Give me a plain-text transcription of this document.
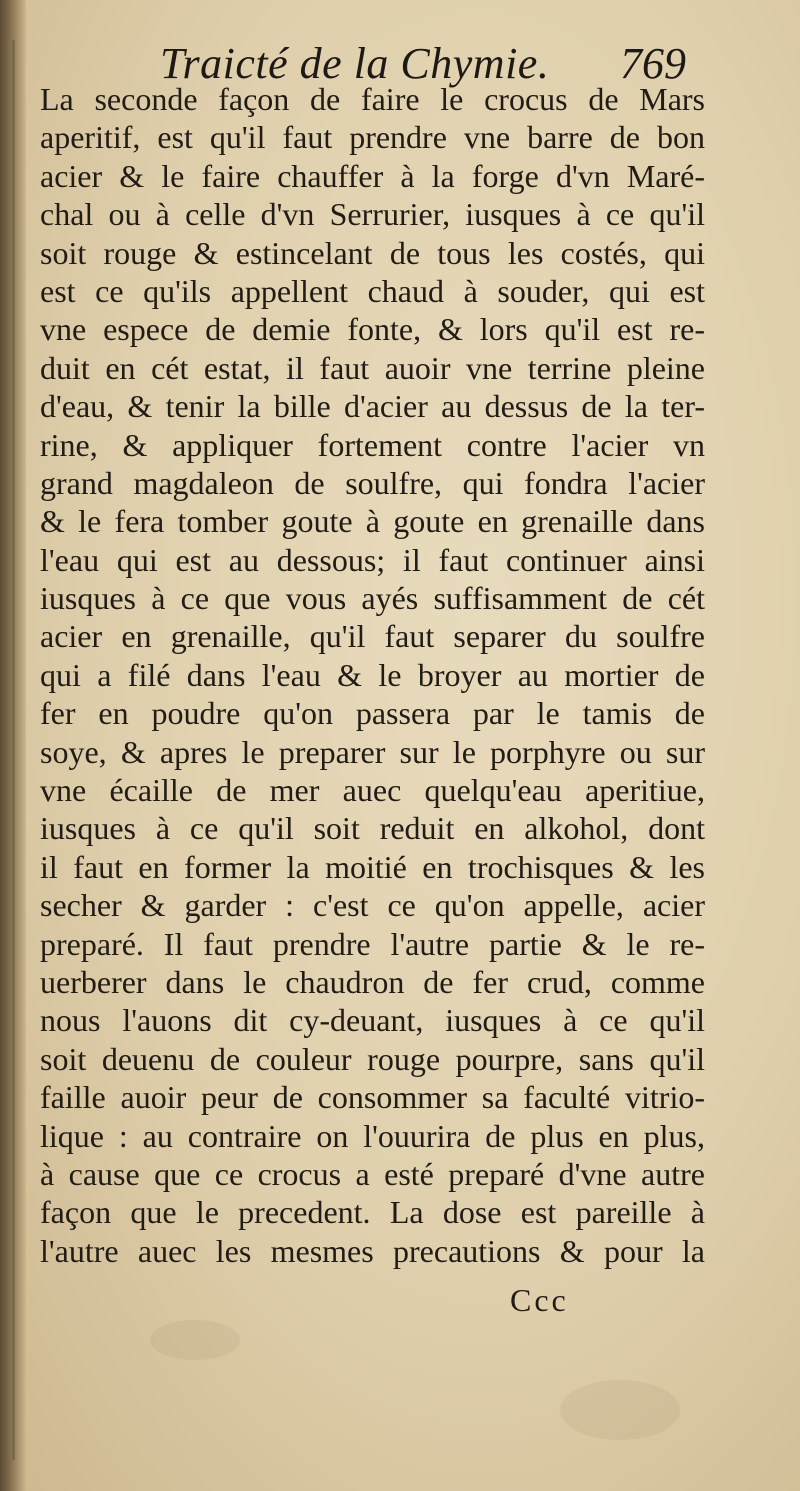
Traicté de la Chymie. 769
La seconde façon de faire le crocus de Mars
aperitif, est qu'il faut prendre vne barre de bon
acier & le faire chauffer à la forge d'vn Maré-
chal ou à celle d'vn Serrurier, iusques à ce qu'il
soit rouge & estincelant de tous les costés, qui
est ce qu'ils appellent chaud à souder, qui est
vne espece de demie fonte, & lors qu'il est re-
duit en cét estat, il faut auoir vne terrine pleine
d'eau, & tenir la bille d'acier au dessus de la ter-
rine, & appliquer fortement contre l'acier vn
grand magdaleon de soulfre, qui fondra l'acier
& le fera tomber goute à goute en grenaille dans
l'eau qui est au dessous; il faut continuer ainsi
iusques à ce que vous ayés suffisamment de cét
acier en grenaille, qu'il faut separer du soulfre
qui a filé dans l'eau & le broyer au mortier de
fer en poudre qu'on passera par le tamis de
soye, & apres le preparer sur le porphyre ou sur
vne écaille de mer auec quelqu'eau aperitiue,
iusques à ce qu'il soit reduit en alkohol, dont
il faut en former la moitié en trochisques & les
secher & garder : c'est ce qu'on appelle, acier
preparé. Il faut prendre l'autre partie & le re-
uerberer dans le chaudron de fer crud, comme
nous l'auons dit cy-deuant, iusques à ce qu'il
soit deuenu de couleur rouge pourpre, sans qu'il
faille auoir peur de consommer sa faculté vitrio-
lique : au contraire on l'ouurira de plus en plus,
à cause que ce crocus a esté preparé d'vne autre
façon que le precedent. La dose est pareille à
l'autre auec les mesmes precautions & pour la
Ccc
